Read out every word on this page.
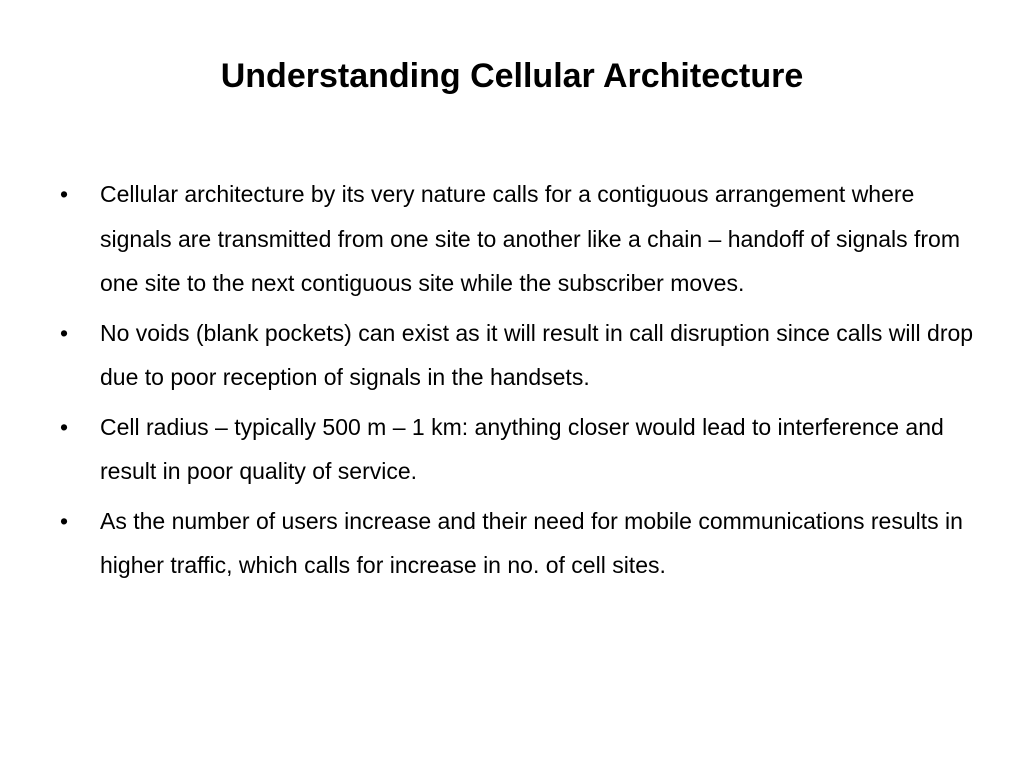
Understanding Cellular Architecture
•	Cellular architecture by its very nature calls for a contiguous arrangement where signals are transmitted from one site to another like a chain – handoff of signals from one site to the next contiguous site while the subscriber moves.
•	No voids (blank pockets) can exist as it will result in call disruption since calls will drop due to poor reception of signals in the handsets.
•	Cell radius – typically 500 m – 1 km: anything closer would lead to interference and result in poor quality of service.
•	As the number of users increase and their need for mobile communications results in higher traffic, which calls for increase in no. of cell sites.
